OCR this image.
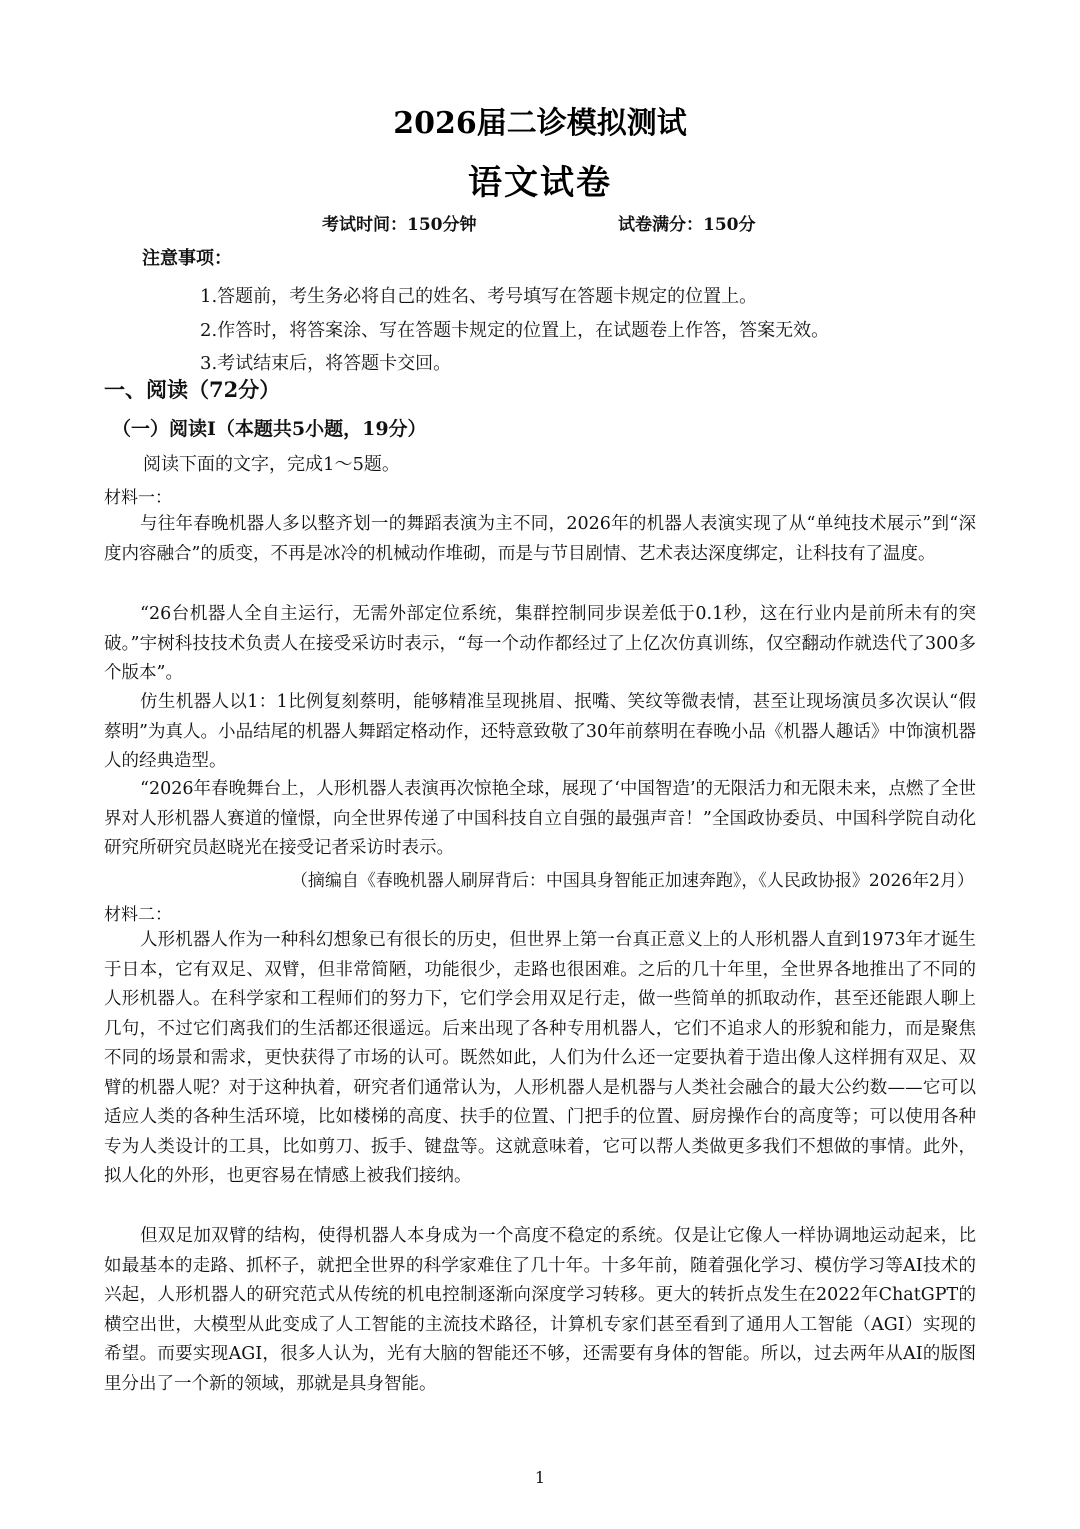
2026届二诊模拟测试
语文试卷
考试时间：150分钟	试卷满分：150分
注意事项：
1.答题前，考生务必将自己的姓名、考号填写在答题卡规定的位置上。
2.作答时，将答案涂、写在答题卡规定的位置上，在试题卷上作答，答案无效。
3.考试结束后，将答题卡交回。
一、阅读（72分）
（一）阅读Ⅰ（本题共5小题，19分）
阅读下面的文字，完成1～5题。
材料一：

与往年春晚机器人多以整齐划一的舞蹈表演为主不同，2026年的机器人表演实现了从“单纯技术展示”到“深度内容融合”的质变，不再是冰冷的机械动作堆砌，而是与节目剧情、艺术表达深度绑定，让科技有了温度。

“26台机器人全自主运行，无需外部定位系统，集群控制同步误差低于0.1秒，这在行业内是前所未有的突破。”宇树科技技术负责人在接受采访时表示，“每一个动作都经过了上亿次仿真训练，仅空翻动作就迭代了300多个版本”。

仿生机器人以1：1比例复刻蔡明，能够精准呈现挑眉、抿嘴、笑纹等微表情，甚至让现场演员多次误认“假蔡明”为真人。小品结尾的机器人舞蹈定格动作，还特意致敬了30年前蔡明在春晚小品《机器人趣话》中饰演机器人的经典造型。

“2026年春晚舞台上，人形机器人表演再次惊艳全球，展现了‘中国智造’的无限活力和无限未来，点燃了全世界对人形机器人赛道的憧憬，向全世界传递了中国科技自立自强的最强声音！”全国政协委员、中国科学院自动化研究所研究员赵晓光在接受记者采访时表示。

（摘编自《春晚机器人刷屏背后：中国具身智能正加速奔跑》，《人民政协报》2026年2月）
材料二：

人形机器人作为一种科幻想象已有很长的历史，但世界上第一台真正意义上的人形机器人直到1973年才诞生于日本，它有双足、双臂，但非常简陋，功能很少，走路也很困难。之后的几十年里，全世界各地推出了不同的人形机器人。在科学家和工程师们的努力下，它们学会用双足行走，做一些简单的抓取动作，甚至还能跟人聊上几句，不过它们离我们的生活都还很遥远。后来出现了各种专用机器人，它们不追求人的形貌和能力，而是聚焦不同的场景和需求，更快获得了市场的认可。既然如此，人们为什么还一定要执着于造出像人这样拥有双足、双臂的机器人呢？对于这种执着，研究者们通常认为，人形机器人是机器与人类社会融合的最大公约数——它可以适应人类的各种生活环境，比如楼梯的高度、扶手的位置、门把手的位置、厨房操作台的高度等；可以使用各种专为人类设计的工具，比如剪刀、扳手、键盘等。这就意味着，它可以帮人类做更多我们不想做的事情。此外，拟人化的外形，也更容易在情感上被我们接纳。

但双足加双臂的结构，使得机器人本身成为一个高度不稳定的系统。仅是让它像人一样协调地运动起来，比如最基本的走路、抓杯子，就把全世界的科学家难住了几十年。十多年前，随着强化学习、模仿学习等AI技术的兴起，人形机器人的研究范式从传统的机电控制逐渐向深度学习转移。更大的转折点发生在2022年ChatGPT的横空出世，大模型从此变成了人工智能的主流技术路径，计算机专家们甚至看到了通用人工智能（AGI）实现的希望。而要实现AGI，很多人认为，光有大脑的智能还不够，还需要有身体的智能。所以，过去两年从AI的版图里分出了一个新的领域，那就是具身智能。

1
